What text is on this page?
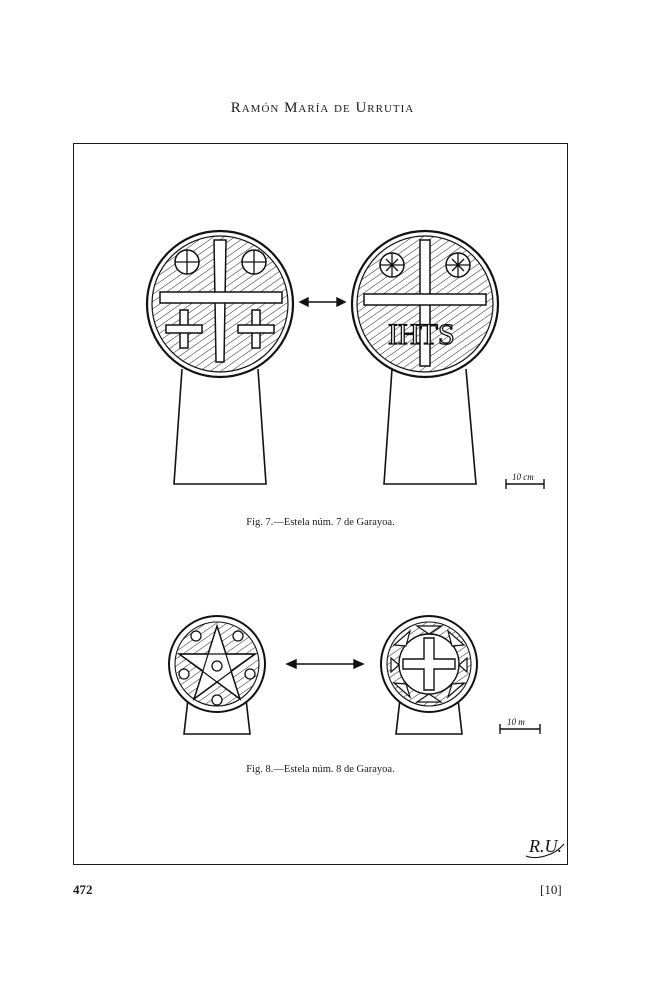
Ramón María de Urrutia
IHTS
10 cm
10 m
R.U.
Fig. 7.—Estela núm. 7 de Garayoa.
Fig. 8.—Estela núm. 8 de Garayoa.
472	[10]
